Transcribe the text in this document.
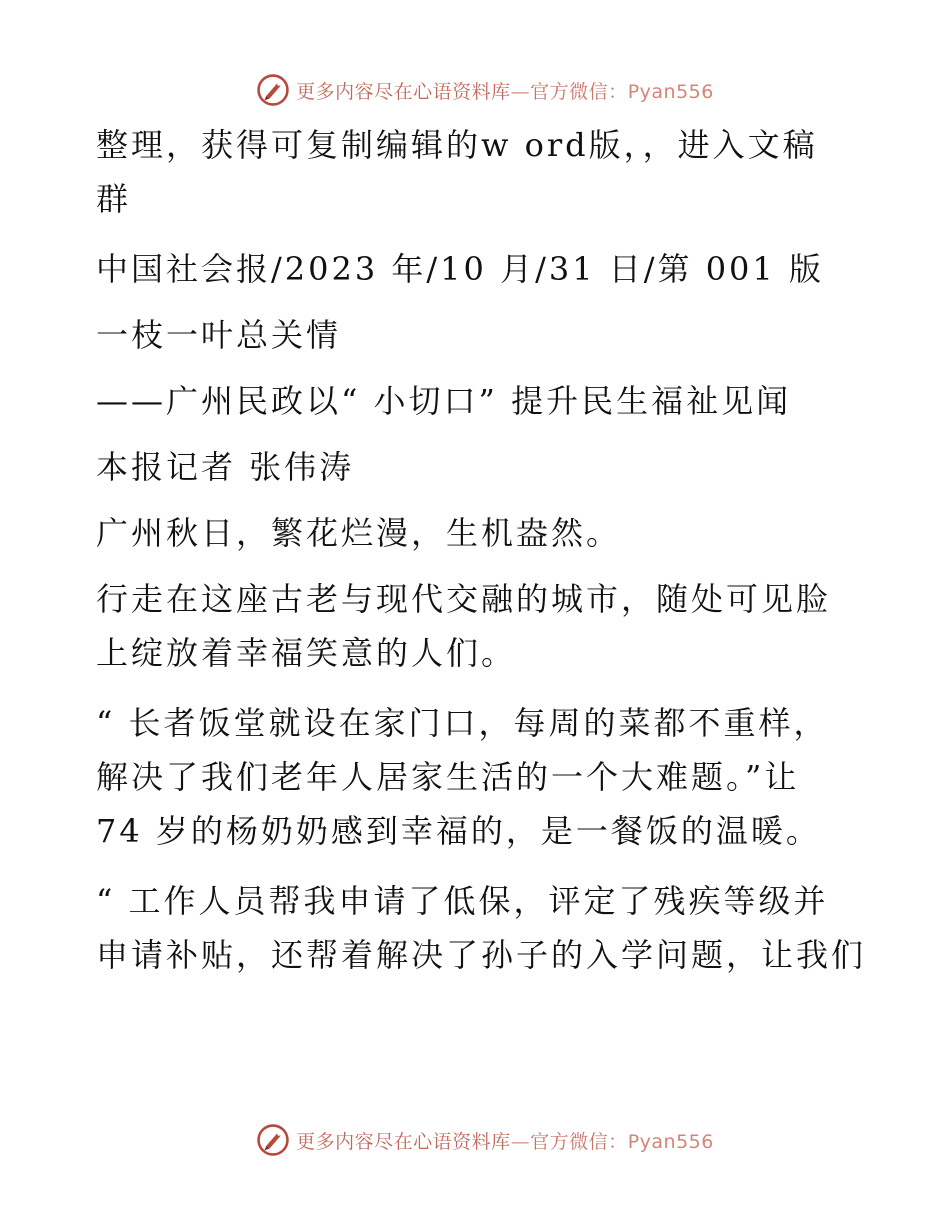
更多内容尽在心语资料库—官方微信：Pyan556
整理，获得可复制编辑的w ord版，，进入文稿
群
中国社会报/2023 年/10 月/31 日/第 001 版
一枝一叶总关情
——广州民政以“ 小切口” 提升民生福祉见闻
本报记者 张伟涛
广州秋日，繁花烂漫，生机盎然。
行走在这座古老与现代交融的城市，随处可见脸
上绽放着幸福笑意的人们。
“ 长者饭堂就设在家门口，每周的菜都不重样，
解决了我们老年人居家生活的一个大难题。”让
74 岁的杨奶奶感到幸福的，是一餐饭的温暖。
“ 工作人员帮我申请了低保，评定了残疾等级并
申请补贴，还帮着解决了孙子的入学问题，让我们
更多内容尽在心语资料库—官方微信：Pyan556
